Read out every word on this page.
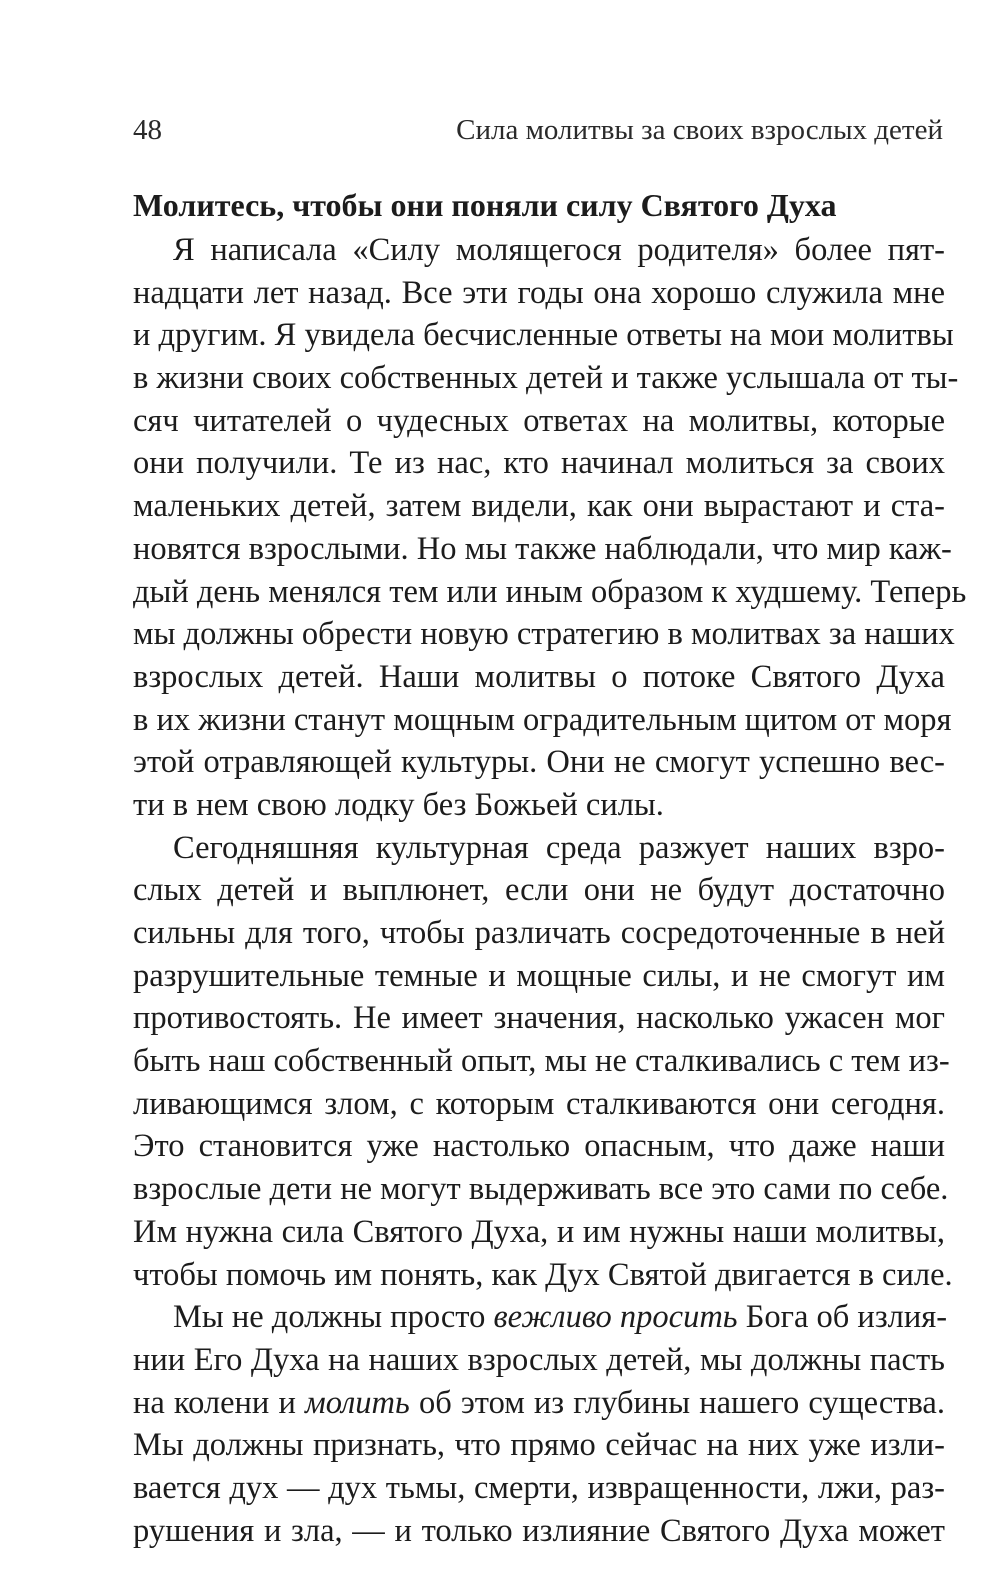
48	Сила молитвы за своих взрослых детей
Молитесь, чтобы они поняли силу Святого Духа
Я написала «Силу молящегося родителя» более пят-
надцати лет назад. Все эти годы она хорошо служила мне
и другим. Я увидела бесчисленные ответы на мои молитвы
в жизни своих собственных детей и также услышала от ты-
сяч читателей о чудесных ответах на молитвы, которые
они получили. Те из нас, кто начинал молиться за своих
маленьких детей, затем видели, как они вырастают и ста-
новятся взрослыми. Но мы также наблюдали, что мир каж-
дый день менялся тем или иным образом к худшему. Теперь
мы должны обрести новую стратегию в молитвах за наших
взрослых детей. Наши молитвы о потоке Святого Духа
в их жизни станут мощным оградительным щитом от моря
этой отравляющей культуры. Они не смогут успешно вес-
ти в нем свою лодку без Божьей силы.
Сегодняшняя культурная среда разжует наших взро-
слых детей и выплюнет, если они не будут достаточно
сильны для того, чтобы различать сосредоточенные в ней
разрушительные темные и мощные силы, и не смогут им
противостоять. Не имеет значения, насколько ужасен мог
быть наш собственный опыт, мы не сталкивались с тем из-
ливающимся злом, с которым сталкиваются они сегодня.
Это становится уже настолько опасным, что даже наши
взрослые дети не могут выдерживать все это сами по себе.
Им нужна сила Святого Духа, и им нужны наши молитвы,
чтобы помочь им понять, как Дух Святой двигается в силе.
Мы не должны просто вежливо просить Бога об излия-
нии Его Духа на наших взрослых детей, мы должны пасть
на колени и молить об этом из глубины нашего существа.
Мы должны признать, что прямо сейчас на них уже изли-
вается дух — дух тьмы, смерти, извращенности, лжи, раз-
рушения и зла, — и только излияние Святого Духа может
